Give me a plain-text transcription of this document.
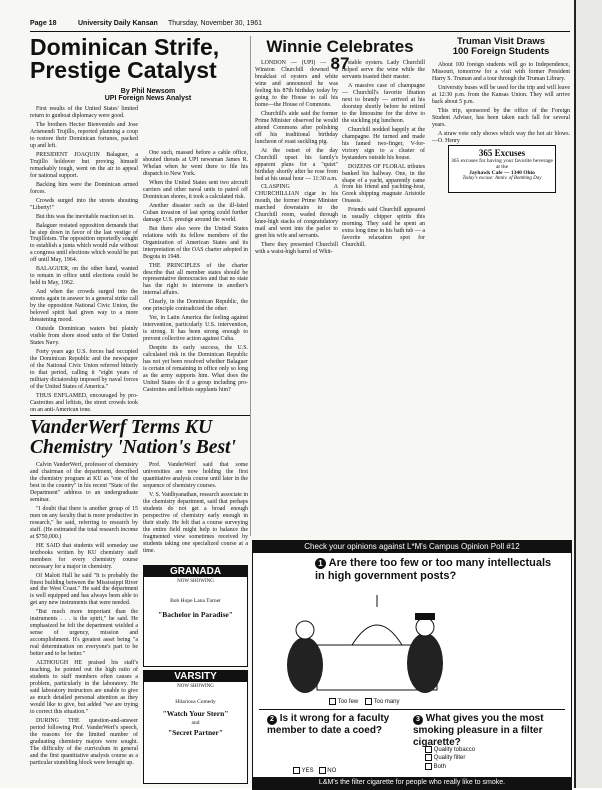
Page 18	University Daily Kansan Thursday, November 30, 1961
Dominican Strife,
Prestige Catalyst
By Phil Newsom
UPI Foreign News Analyst

First results of the United States' limited return to gunboat diplomacy were good.

The brothers Hector Bienvenido and Jose Arismendi Trujillo, reported planning a coup to restore their Dominican fortunes, packed up and left.

PRESIDENT JOAQUIN Balaguer, a Trujillo holdover but proving himself remarkably tough, went on the air to appeal for national support.

Backing him were the Dominican armed forces.

Crowds surged into the streets shouting "Liberty!"

But this was the inevitable reaction set in.

Balaguer restated opposition demands that he step down in favor of the last vestige of Trujilloism. The opposition reportedly sought to establish a junta which would rule without a congress until elections which would be put off until May, 1964.

BALAGUER, on the other hand, wanted to remain in office until elections could be held in May, 1962.

And when the crowds surged into the streets again in answer to a general strike call by the opposition National Civic Union, the beloved spirit had given way to a more threatening mood.

Outside Dominican waters but plainly visible from shore stood units of the United States Navy.

Forty years ago U.S. forces had occupied the Dominican Republic and the newspaper of the National Civic Union referred bitterly to that period, calling it "eight years of military dictatorship imposed by naval forces of the United States of America."

THUS ENFLAMED, encouraged by pro-Castroites and leftists, the street crowds took on an anti-American tone.

One such, massed before a cable office, shouted threats at UPI newsman James R. Whelan when he went there to file his dispatch to New York.

When the United States sent two aircraft carriers and other naval units to patrol off Dominican shores, it took a calculated risk.

Another disaster such as the ill-fated Cuban invasion of last spring could further damage U.S. prestige around the world.

But there also were the United States relations with its fellow members of the Organization of American States and its interpretation of the OAS charter adopted in Bogota in 1948.

THE PRINCIPLES of the charter describe that all member states should be representative democracies and that no state has the right to intervene in another's internal affairs.

Clearly, in the Dominican Republic, the one principle contradicted the other.

Yet, in Latin America the feeling against intervention, particularly U.S. intervention, is strong. It has been strong enough to prevent collective action against Cuba.

Despite its early success, the U.S. calculated risk in the Dominican Republic has not yet been resolved whether Balaguer is certain of remaining in office only so long as the army supports him. What does the United States do if a group including pro-Castroites and leftists supplants him?

Winnie Celebrates 87

LONDON — (UPI) — Sir Winston Churchill downed a breakfast of oysters and white wine and announced he was feeling his 87th birthday today by going to the House to call his home—the House of Commons.

Churchill's aide said the former Prime Minister observed he would attend Commons after polishing off his traditional birthday luncheon of roast suckling pig.

At the outset of the day Churchill upset his family's apparent plans for a "quiet" birthday shortly after he rose from bed at his usual hour — 11:30 a.m.

CLASPING A CHURCHILLIAN cigar in his mouth, the former Prime Minister marched downstairs to the Churchill room, waded through knee-high stacks of congratulatory mail and went into the parlor to greet his wife and servants.

There they presented Churchill with a waist-high barrel of Whit-

stable oysters. Lady Churchill helped serve the wine while the servants toasted their master.

A massive case of champagne — Churchill's favorite libation next to brandy — arrived at his doorstep shortly before he retired to the limousine for the drive to the suckling pig luncheon.

Churchill nodded happily at the champagne. He turned and made his famed two-finger, V-for-victory sign to a cluster of bystanders outside his house.

DOZENS OF FLORAL tributes banked his hallway. One, in the shape of a yacht, apparently came from his friend and yachting-host, Greek shipping magnate Aristotle Onassis.

Friends said Churchill appeared in usually chipper spirits this morning. They said he spent an extra long time in his bath tub — a favorite relaxation spot for Churchill.

Truman Visit Draws
100 Foreign Students

About 100 foreign students will go to Independence, Missouri, tomorrow for a visit with former President Harry S. Truman and a tour through the Truman Library.

University buses will be used for the trip and will leave at 12:30 p.m. from the Kansas Union. They will arrive back about 5 p.m.

This trip, sponsored by the office of the Foreign Student Adviser, has been taken each fall for several years.

A straw vote only shows which way the hot air blows.—O. Henry

365 Excuses
365 excuses for having your favorite beverage at the
Jayhawk Cafe — 1340 Ohio
Today's excuse: Anniv. of Bombing Day
VanderWerf Terms KU
Chemistry 'Nation's Best'

Calvin VanderWerf, professor of chemistry and chairman of the department, described the chemistry program at KU as "one of the best in the country" in his recent "State of the Department" address to an undergraduate seminar.

"I doubt that there is another group of 15 men on any faculty that is more productive in research," he said, referring to research by staff. (He estimated the total research income at $750,000.)

HE SAID that students will someday use textbooks written by KU chemistry staff members for every chemistry course necessary for a major in chemistry.

Of Malott Hall he said "It is probably the finest building between the Mississippi River and the West Coast." He said the department is well equipped and has always been able to get any new instruments that were needed.

"But much more important than the instruments . . . is the spirit," he said. He emphasized he felt the department wielded a sense of urgency, mission and accomplishment. It's greatest asset being "a real determination on everyone's part to be better and to be better."

ALTHOUGH HE praised his staff's teaching, he pointed out the high ratio of students to staff members often causes a problem, particularly in the laboratory. He said laboratory instructors are unable to give as much detailed personal attention as they would like to give, but added "we are trying to correct this situation."

DURING THE question-and-answer period following Prof. VanderWerf's speech, the reasons for the limited number of graduating chemistry majors were sought. The difficulty of the curriculum in general and the first quantitative analysis course as a particular stumbling block were brought up.

Prof. VanderWerf said that some universities are now holding the first quantitative analysis course until later in the sequence of chemistry courses.

V. S. Vaidhyanathan, research associate in the chemistry department, said that perhaps students do not get a broad enough perspective of chemistry early enough in their study. He felt that a course surveying the entire field might help to balance the fragmented view sometimes received by students taking one specialized course at a time.

GRANADA
NOW SHOWING
Bob Hope Lana Turner
"Bachelor in Paradise"
VARSITY
NOW SHOWING
Hilarious Comedy
"Watch Your Stern"
and
"Secret Partner"
Check your opinions against L*M's Campus Opinion Poll #12
1 Are there too few or too many intellectuals in high government posts?
Too few	Too many
2 Is it wrong for a faculty member to date a coed?
3 What gives you the most smoking pleasure in a filter cigarette?
YES NO
Quality tobacco
Quality filter
Both
L&M's the filter cigarette for people who really like to smoke.
